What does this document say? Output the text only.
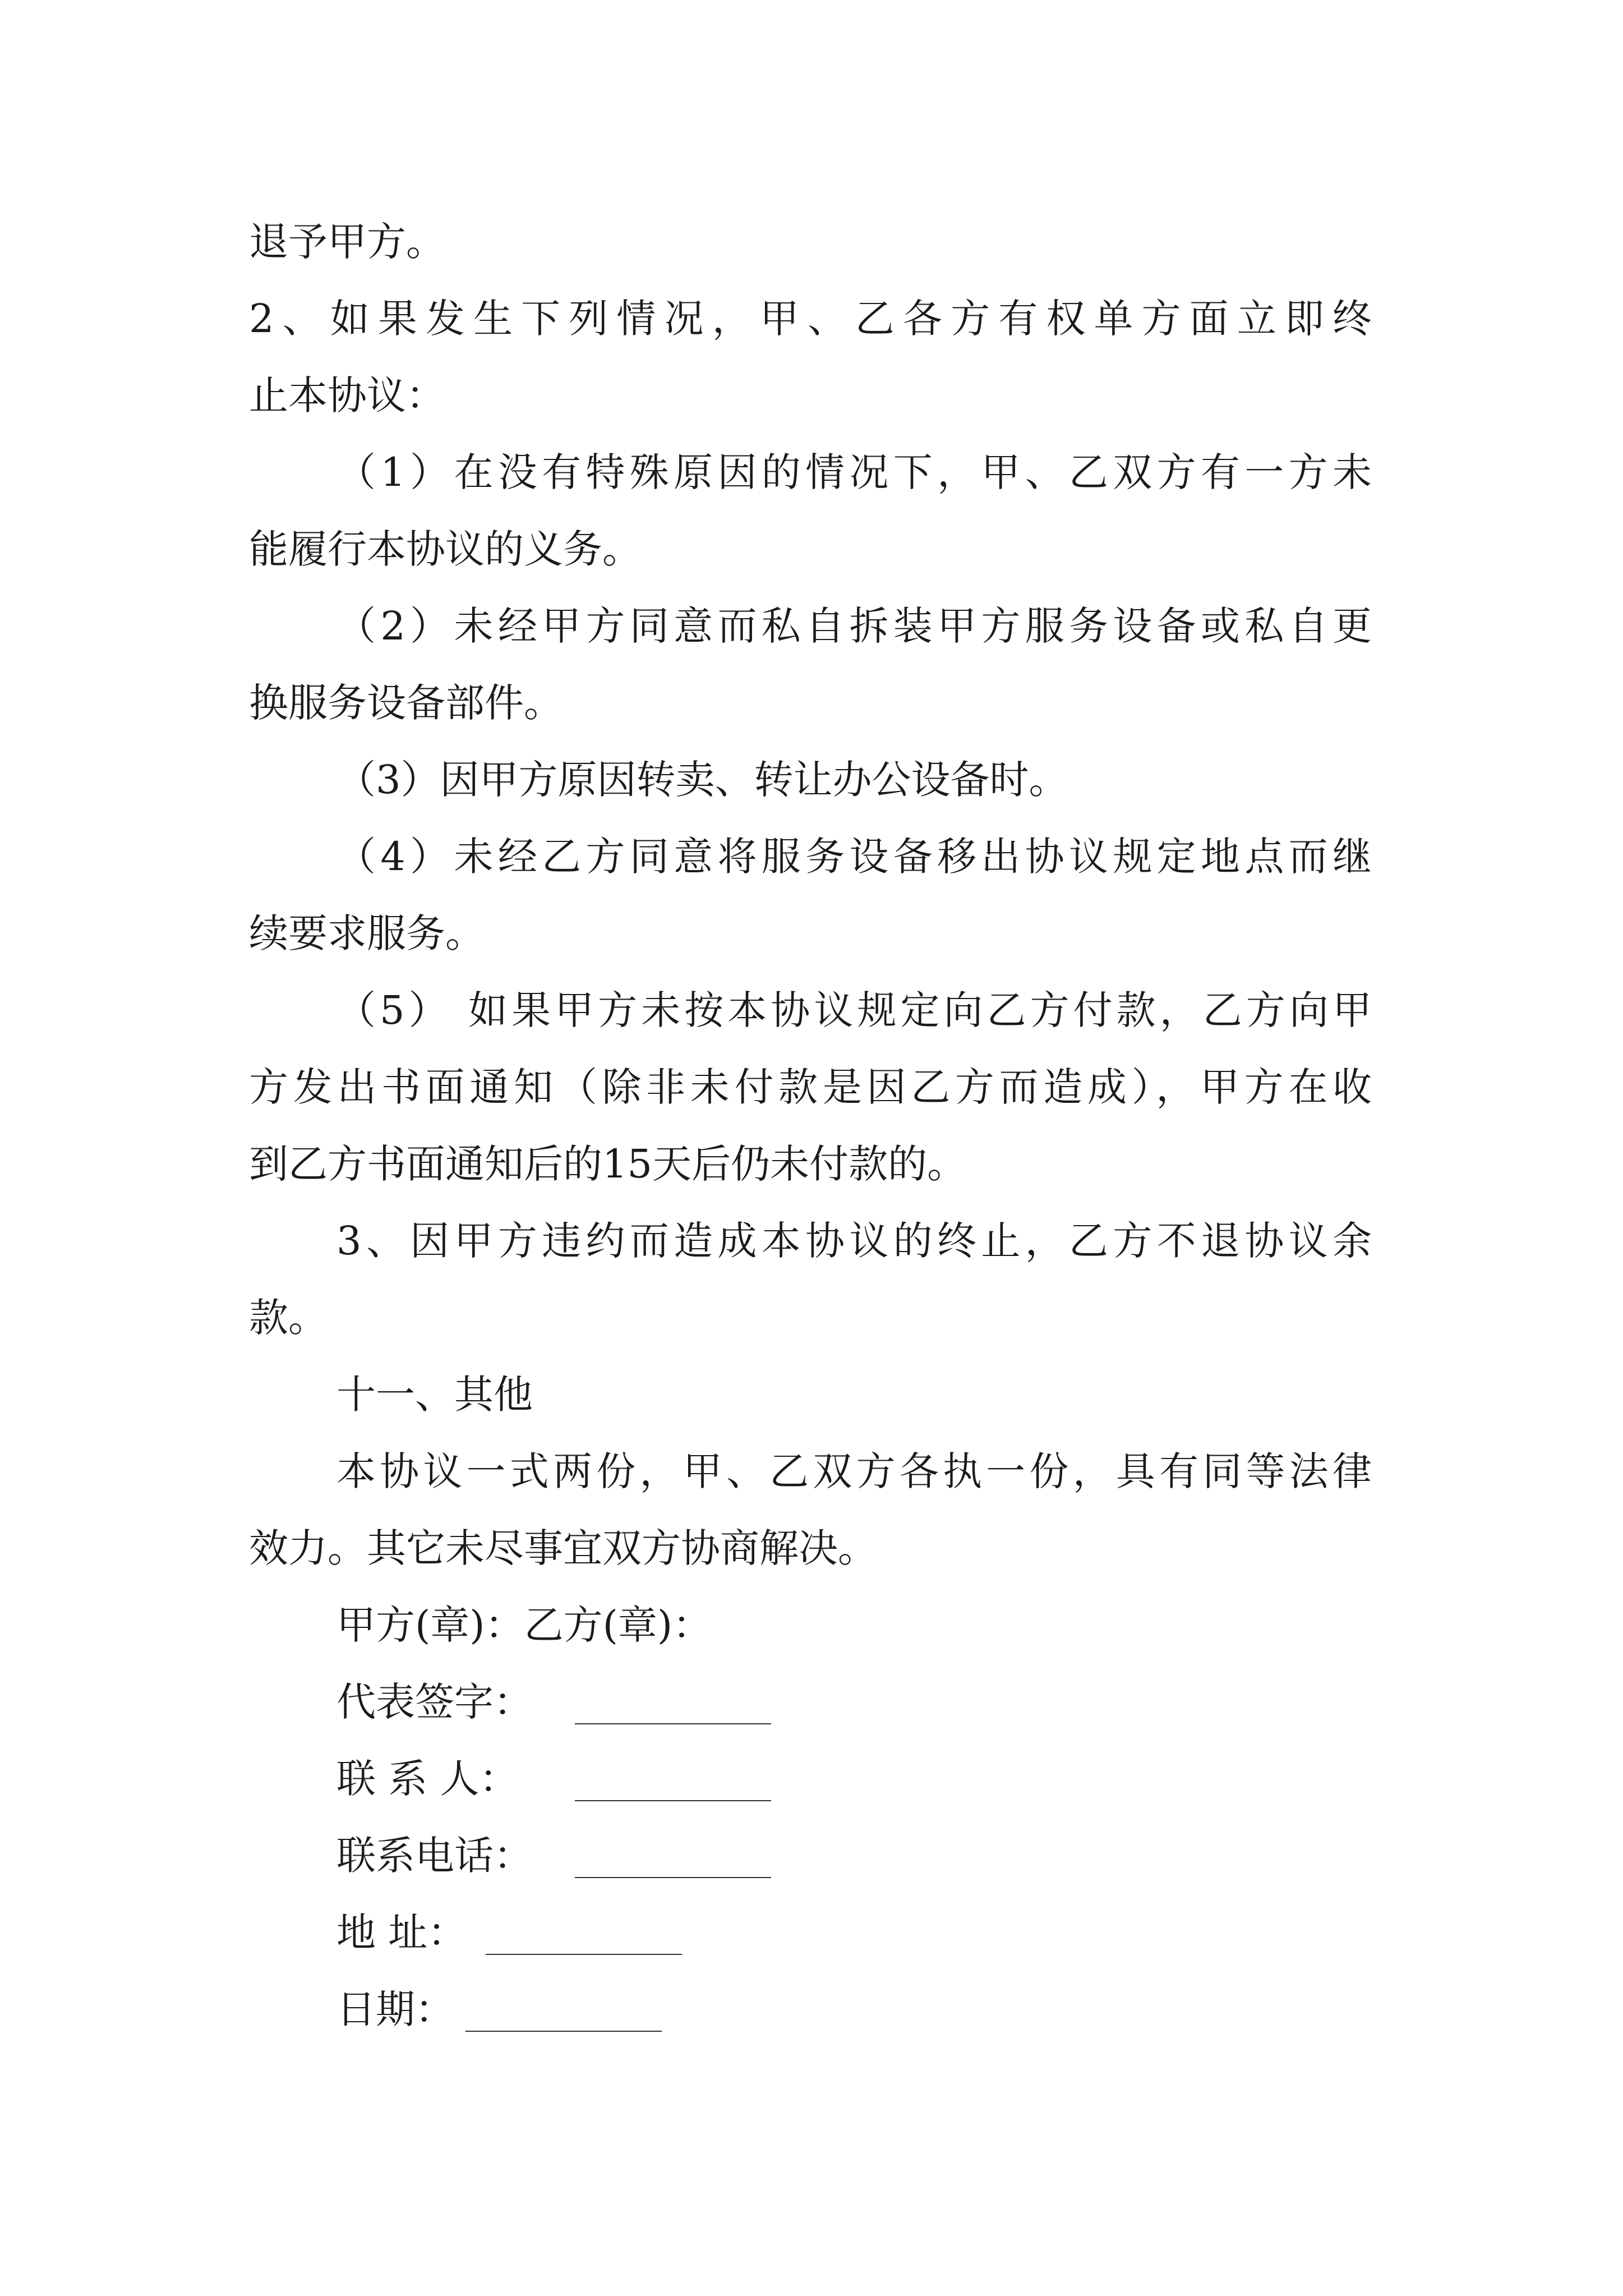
退予甲方。
2、如果发生下列情况，甲、乙各方有权单方面立即终
止本协议：
（1）在没有特殊原因的情况下，甲、乙双方有一方未
能履行本协议的义务。
（2）未经甲方同意而私自拆装甲方服务设备或私自更
换服务设备部件。
（3）因甲方原因转卖、转让办公设备时。
（4）未经乙方同意将服务设备移出协议规定地点而继
续要求服务。
（5） 如果甲方未按本协议规定向乙方付款，乙方向甲
方发出书面通知（除非未付款是因乙方而造成），甲方在收
到乙方书面通知后的15天后仍未付款的。
3、因甲方违约而造成本协议的终止，乙方不退协议余
款。
十一、其他
本协议一式两份，甲、乙双方各执一份，具有同等法律
效力。其它未尽事宜双方协商解决。
甲方(章)：乙方(章)：
代表签字：
联 系 人：
联系电话：
地 址：
日期：
